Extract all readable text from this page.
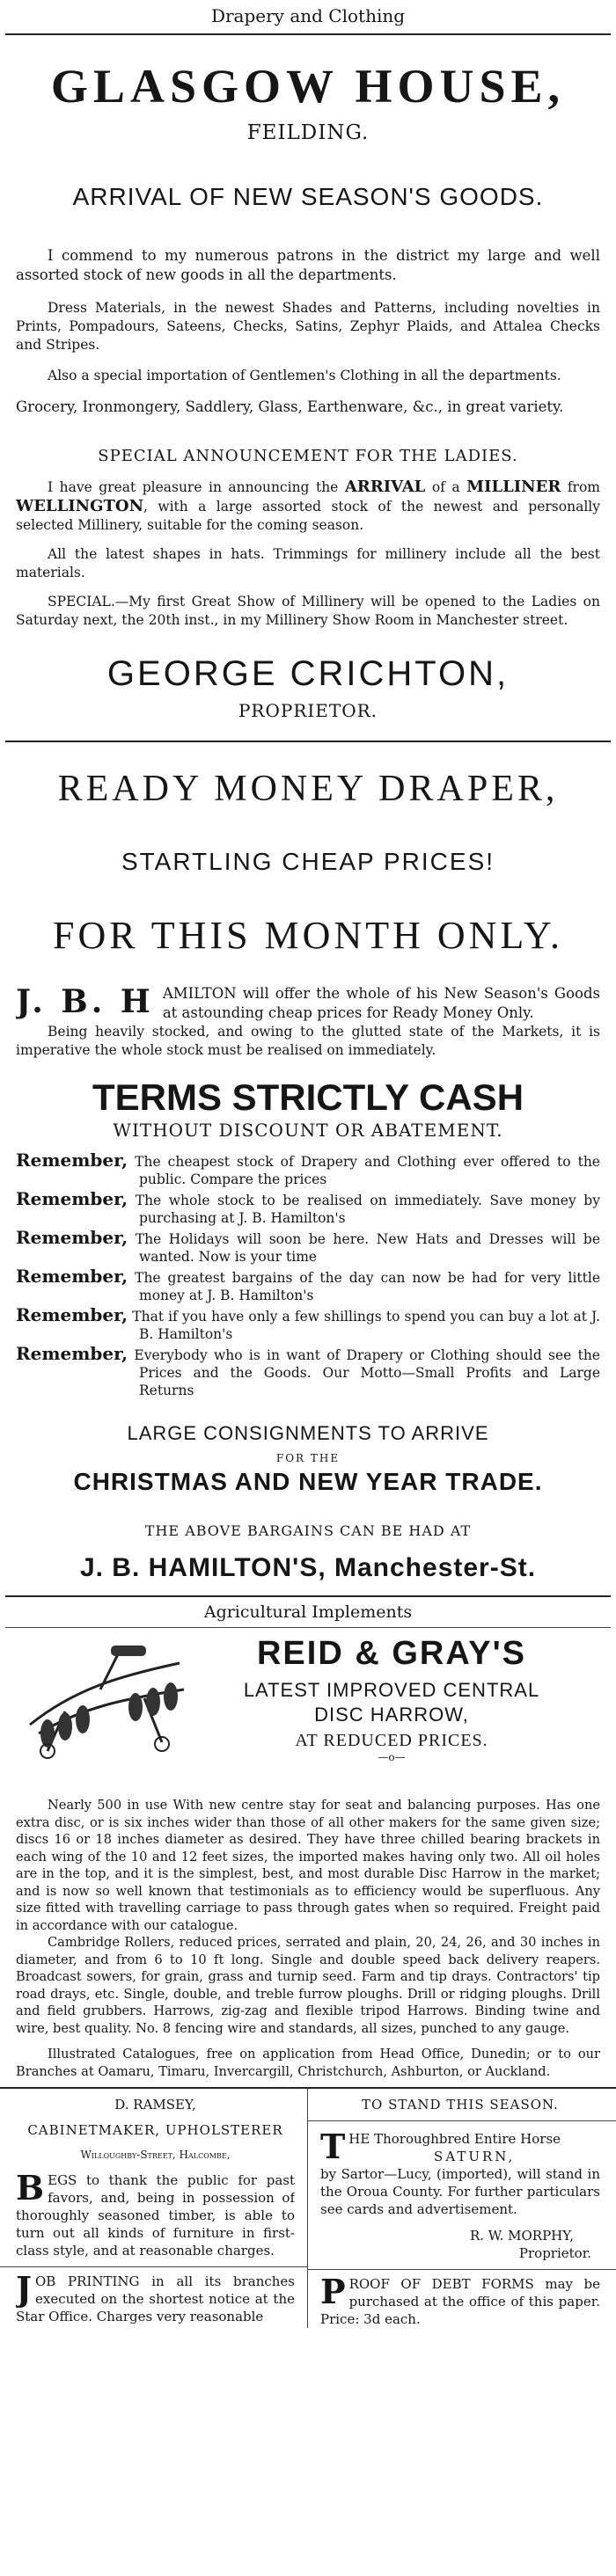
Drapery and Clothing
GLASGOW HOUSE,
FEILDING.
ARRIVAL OF NEW SEASON'S GOODS.

I commend to my numerous patrons in the district my large and well assorted stock of new goods in all the departments.

Dress Materials, in the newest Shades and Patterns, including novelties in Prints, Pompadours, Sateens, Checks, Satins, Zephyr Plaids, and Attalea Checks and Stripes.

Also a special importation of Gentlemen's Clothing in all the departments.

Grocery, Ironmongery, Saddlery, Glass, Earthenware, &c., in great variety.

SPECIAL ANNOUNCEMENT FOR THE LADIES.

I have great pleasure in announcing the ARRIVAL of a MILLINER from WELLINGTON, with a large assorted stock of the newest and personally selected Millinery, suitable for the coming season.

All the latest shapes in hats. Trimmings for millinery include all the best materials.

SPECIAL.—My first Great Show of Millinery will be opened to the Ladies on Saturday next, the 20th inst., in my Millinery Show Room in Manchester street.

GEORGE CRICHTON,
PROPRIETOR.
READY MONEY DRAPER,
STARTLING CHEAP PRICES!
FOR THIS MONTH ONLY.
J. B. H AMILTON will offer the whole of his New Season's Goods at astounding cheap prices for Ready Money Only.

Being heavily stocked, and owing to the glutted state of the Markets, it is imperative the whole stock must be realised on immediately.

TERMS STRICTLY CASH
WITHOUT DISCOUNT OR ABATEMENT.

Remember, The cheapest stock of Drapery and Clothing ever offered to the public. Compare the prices

Remember, The whole stock to be realised on immediately. Save money by purchasing at J. B. Hamilton's

Remember, The Holidays will soon be here. New Hats and Dresses will be wanted. Now is your time

Remember, The greatest bargains of the day can now be had for very little money at J. B. Hamilton's

Remember, That if you have only a few shillings to spend you can buy a lot at J. B. Hamilton's

Remember, Everybody who is in want of Drapery or Clothing should see the Prices and the Goods. Our Motto—Small Profits and Large Returns

LARGE CONSIGNMENTS TO ARRIVE
FOR THE
CHRISTMAS AND NEW YEAR TRADE.
THE ABOVE BARGAINS CAN BE HAD AT
J. B. HAMILTON'S, Manchester-St.
Agricultural Implements
REID & GRAY'S
LATEST IMPROVED CENTRAL
DISC HARROW,
AT REDUCED PRICES.
—o—

Nearly 500 in use With new centre stay for seat and balancing purposes. Has one extra disc, or is six inches wider than those of all other makers for the same given size; discs 16 or 18 inches diameter as desired. They have three chilled bearing brackets in each wing of the 10 and 12 feet sizes, the imported makes having only two. All oil holes are in the top, and it is the simplest, best, and most durable Disc Harrow in the market; and is now so well known that testimonials as to efficiency would be superfluous. Any size fitted with travelling carriage to pass through gates when so required. Freight paid in accordance with our catalogue.

Cambridge Rollers, reduced prices, serrated and plain, 20, 24, 26, and 30 inches in diameter, and from 6 to 10 ft long. Single and double speed back delivery reapers. Broadcast sowers, for grain, grass and turnip seed. Farm and tip drays. Contractors' tip road drays, etc. Single, double, and treble furrow ploughs. Drill or ridging ploughs. Drill and field grubbers. Harrows, zig-zag and flexible tripod Harrows. Binding twine and wire, best quality. No. 8 fencing wire and standards, all sizes, punched to any gauge.

Illustrated Catalogues, free on application from Head Office, Dunedin; or to our Branches at Oamaru, Timaru, Invercargill, Christchurch, Ashburton, or Auckland.

D. RAMSEY,
CABINETMAKER, UPHOLSTERER
Willoughby-Street, Halcombe,
B EGS to thank the public for past favors, and, being in possession of thoroughly seasoned timber, is able to turn out all kinds of furniture in first-class style, and at reasonable charges.

J OB PRINTING in all its branches executed on the shortest notice at the Star Office. Charges very reasonable

TO STAND THIS SEASON.
T HE Thoroughbred Entire Horse

SATURN,

by Sartor—Lucy, (imported), will stand in the Oroua County. For further particulars see cards and advertisement.

R. W. MORPHY,
Proprietor.
P ROOF OF DEBT FORMS may be purchased at the office of this paper. Price: 3d each.
